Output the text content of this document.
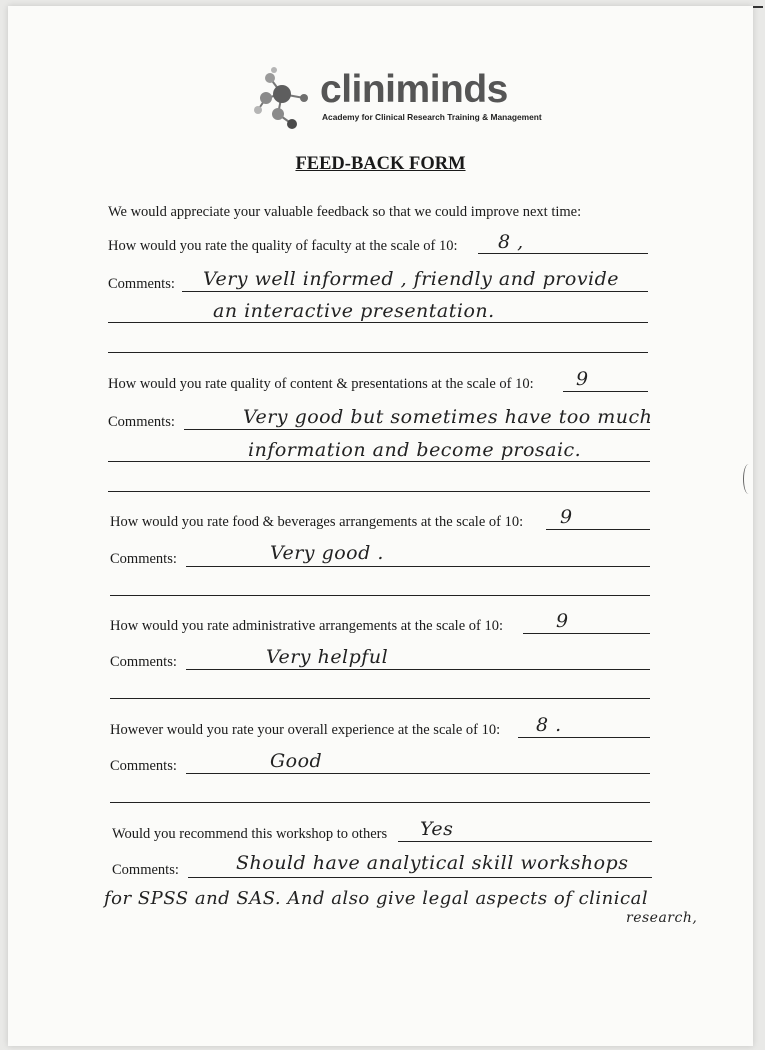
cliniminds
Academy for Clinical Research Training & Management
FEED-BACK FORM
We would appreciate your valuable feedback so that we could improve next time:
How would you rate the quality of faculty at the scale of 10: 8 ,
Comments: Very well informed , friendly and provide
an interactive presentation.
How would you rate quality of content & presentations at the scale of 10: 9
Comments:	Very good but sometimes have too much
information and become prosaic.
How would you rate food & beverages arrangements at the scale of 10: 9
Comments:	Very good .
How would you rate administrative arrangements at the scale of 10:	9
Comments:	Very helpful
However would you rate your overall experience at the scale of 10: 8 .
Comments:	Good
Would you recommend this workshop to others Yes
Comments:	Should have analytical skill workshops
for SPSS and SAS. And also give legal aspects of clinical
research,
